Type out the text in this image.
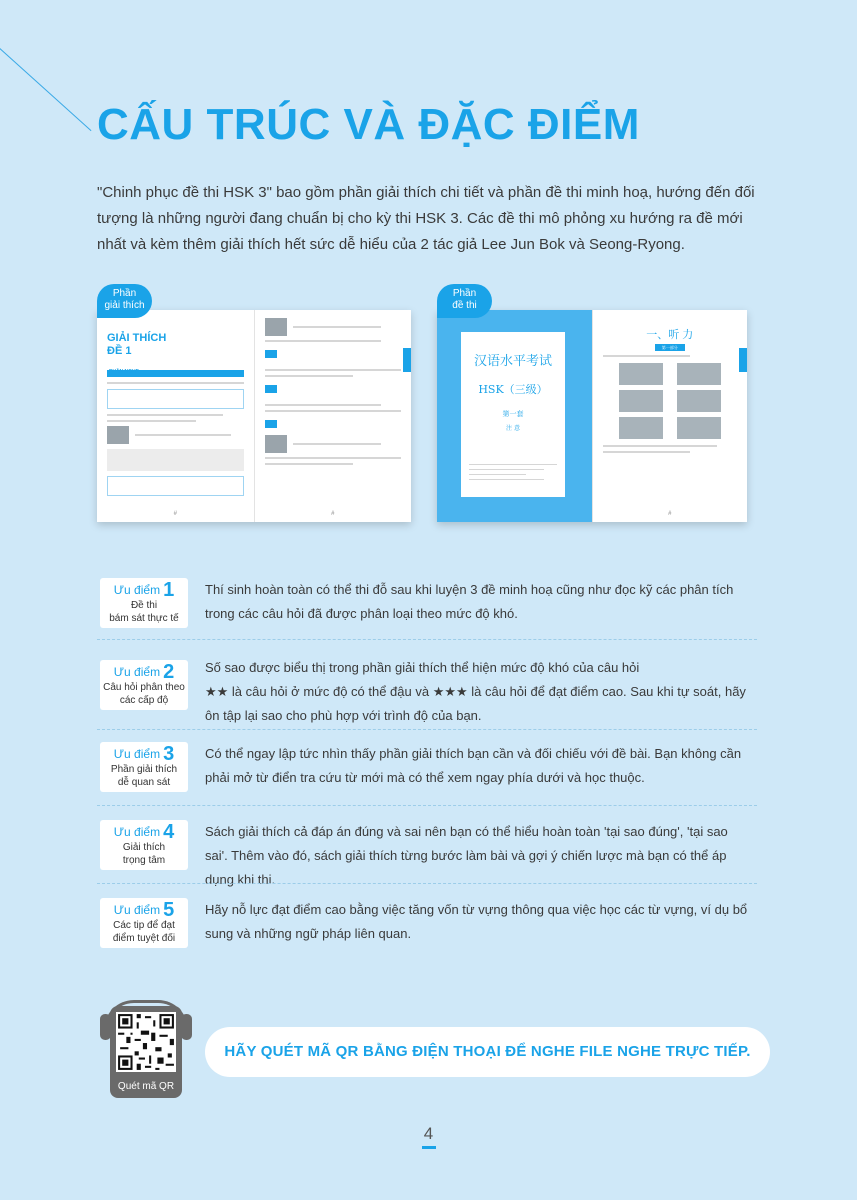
CẤU TRÚC VÀ ĐẶC ĐIỂM
"Chinh phục đề thi HSK 3" bao gồm phần giải thích chi tiết và phần đề thi minh hoạ, hướng đến đối tượng là những người đang chuẩn bị cho kỳ thi HSK 3. Các đề thi mô phỏng xu hướng ra đề mới nhất và kèm thêm giải thích hết sức dễ hiểu của 2 tác giả Lee Jun Bok và Seong-Ryong.
Phần
giải thích
GIẢI THÍCH
ĐỀ 1
PHẦN NGHE
#	#
Phần
đề thi
汉语水平考试
HSK（三级）
第一套
注 意
一、听 力
第一部分
#
Ưu điểm 1
Đề thi
bám sát thực tế
Thí sinh hoàn toàn có thể thi đỗ sau khi luyện 3 đề minh hoạ cũng như đọc kỹ các phân tích trong các câu hỏi đã được phân loại theo mức độ khó.
Ưu điểm 2
Câu hỏi phân theo
các cấp độ
Số sao được biểu thị trong phần giải thích thể hiện mức độ khó của câu hỏi
★★ là câu hỏi ở mức độ có thể đậu và ★★★ là câu hỏi để đạt điểm cao. Sau khi tự soát, hãy ôn tập lại sao cho phù hợp với trình độ của bạn.
Ưu điểm 3
Phần giải thích
dễ quan sát
Có thể ngay lập tức nhìn thấy phần giải thích bạn cần và đối chiếu với đề bài. Bạn không cần phải mở từ điển tra cứu từ mới mà có thể xem ngay phía dưới và học thuộc.
Ưu điểm 4
Giải thích
trọng tâm
Sách giải thích cả đáp án đúng và sai nên bạn có thể hiểu hoàn toàn 'tại sao đúng', 'tại sao sai'. Thêm vào đó, sách giải thích từng bước làm bài và gợi ý chiến lược mà bạn có thể áp dụng khi thi.
Ưu điểm 5
Các tip để đạt
điểm tuyệt đối
Hãy nỗ lực đạt điểm cao bằng việc tăng vốn từ vựng thông qua việc học các từ vựng, ví dụ bổ sung và những ngữ pháp liên quan.
Quét mã QR
HÃY QUÉT MÃ QR BẰNG ĐIỆN THOẠI ĐỂ NGHE FILE NGHE TRỰC TIẾP.
4
